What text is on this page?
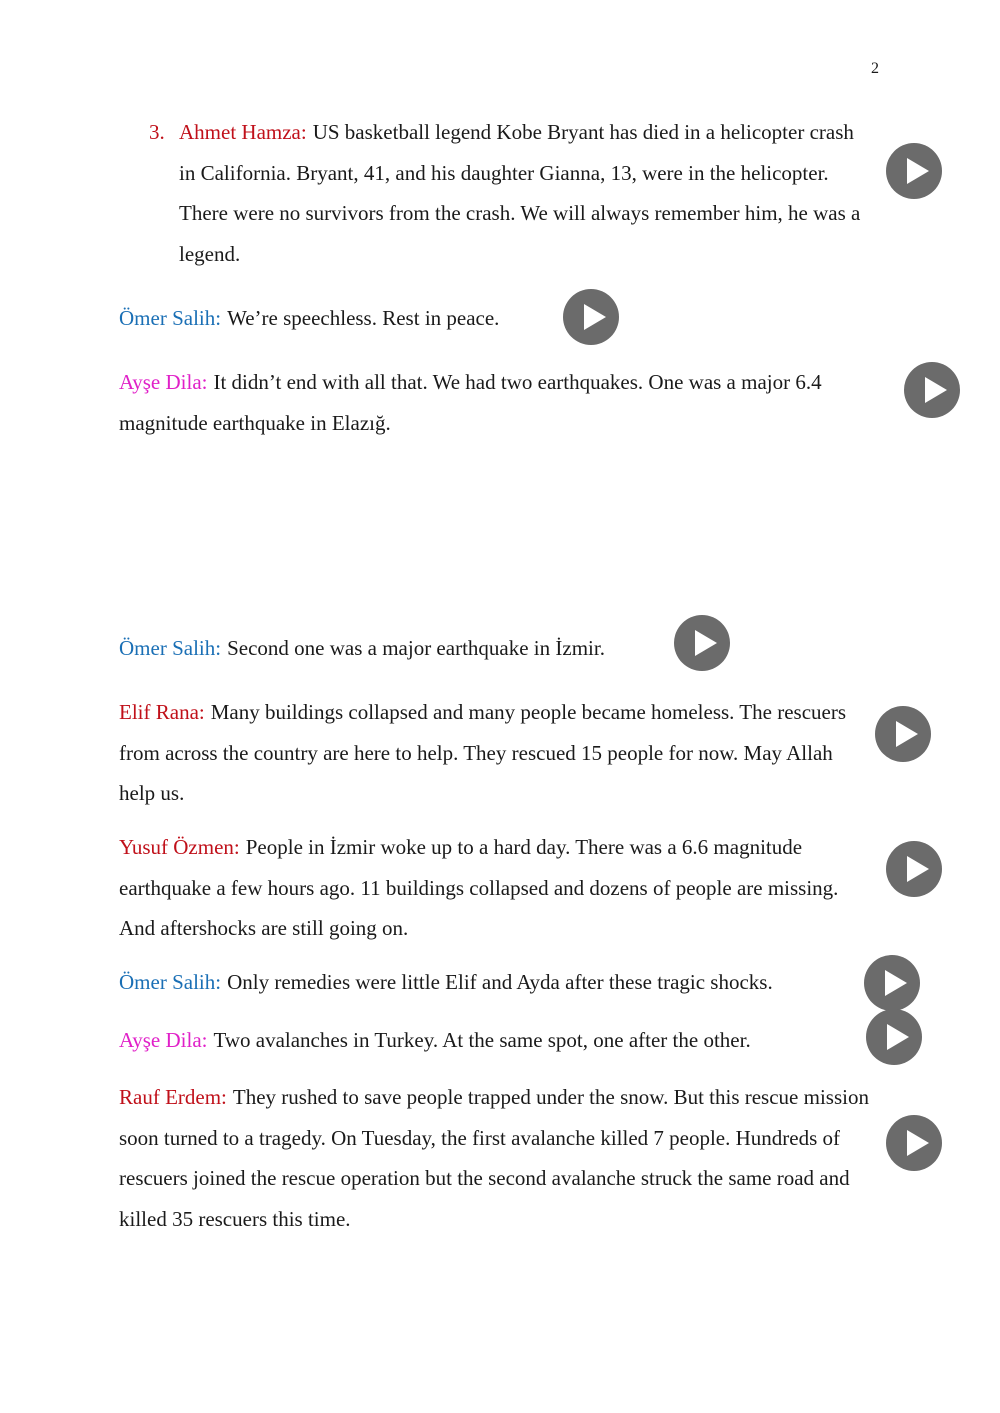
2
3. Ahmet Hamza: US basketball legend Kobe Bryant has died in a helicopter crash in California. Bryant, 41, and his daughter Gianna, 13, were in the helicopter. There were no survivors from the crash. We will always remember him, he was a legend.

Ömer Salih: We’re speechless. Rest in peace.

Ayşe Dila: It didn’t end with all that. We had two earthquakes. One was a major 6.4 magnitude earthquake in Elazığ.

Ömer Salih: Second one was a major earthquake in İzmir.

Elif Rana: Many buildings collapsed and many people became homeless. The rescuers from across the country are here to help. They rescued 15 people for now. May Allah help us.

Yusuf Özmen: People in İzmir woke up to a hard day. There was a 6.6 magnitude earthquake a few hours ago. 11 buildings collapsed and dozens of people are missing. And aftershocks are still going on.

Ömer Salih: Only remedies were little Elif and Ayda after these tragic shocks.

Ayşe Dila: Two avalanches in Turkey. At the same spot, one after the other.

Rauf Erdem: They rushed to save people trapped under the snow. But this rescue mission soon turned to a tragedy. On Tuesday, the first avalanche killed 7 people. Hundreds of rescuers joined the rescue operation but the second avalanche struck the same road and killed 35 rescuers this time.
